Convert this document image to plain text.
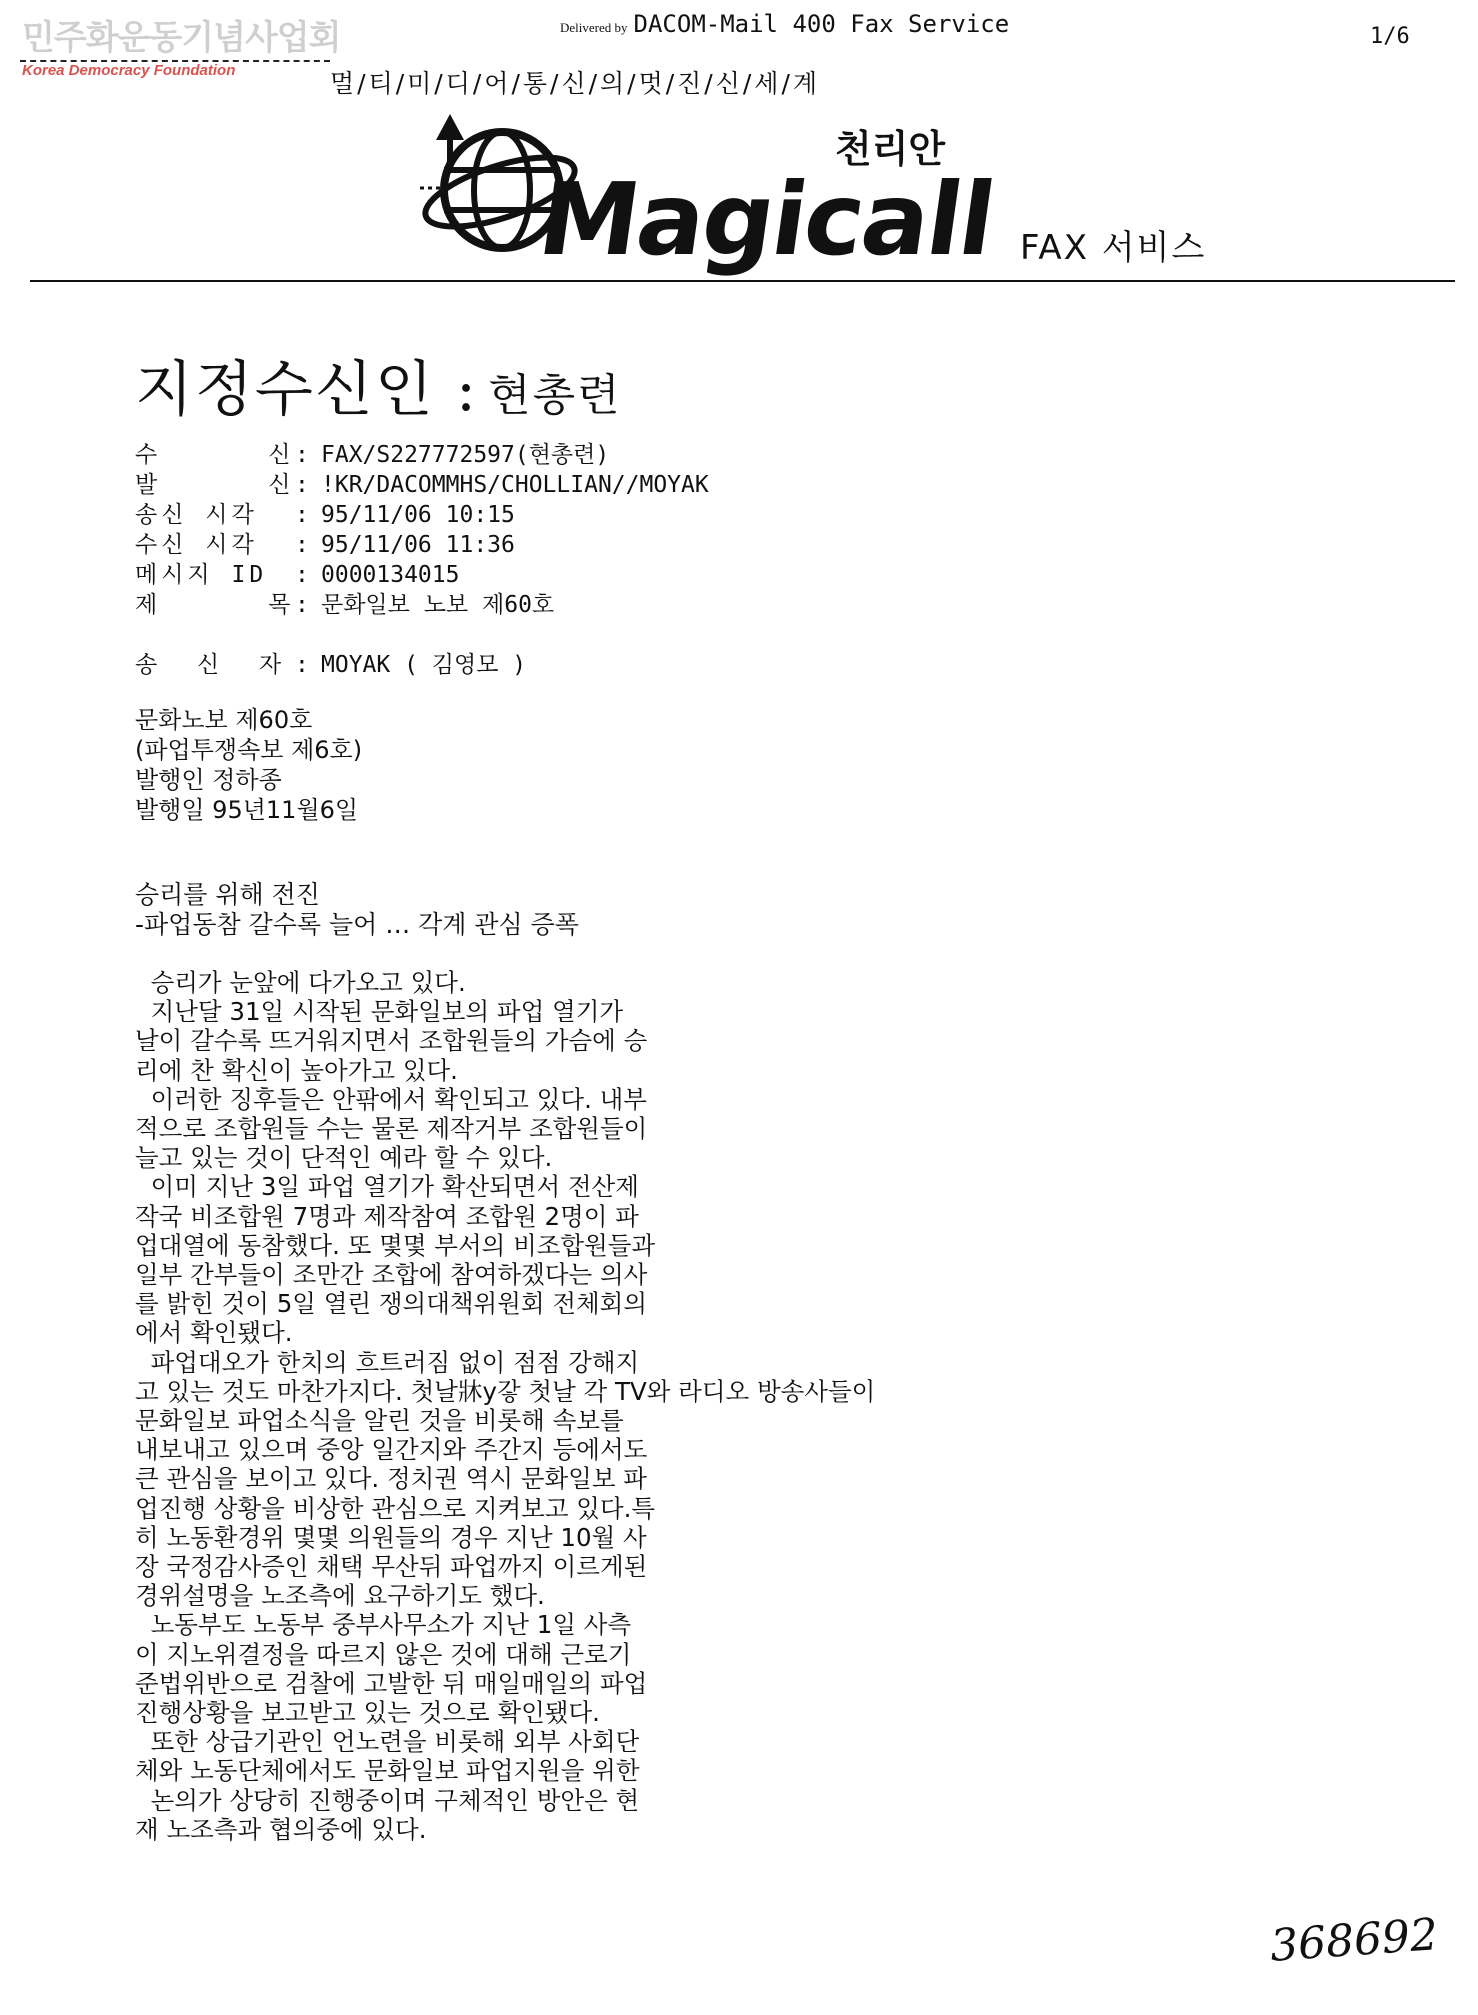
민주화운동기념사업회
Korea Democracy Foundation
Delivered by DACOM-Mail 400 Fax Service	1/6
멀/티/미/디/어/통/신/의/멋/진/신/세/계
천리안
Magicall FAX 서비스
지정수신인 : 현총련
수      신 : FAX/S227772597(현총련)
발      신 : !KR/DACOMMHS/CHOLLIAN//MOYAK
송신 시각	: 95/11/06 10:15
수신 시각	: 95/11/06 11:36
메시지 ID	: 0000134015
제      목 : 문화일보 노보 제60호
송  신  자 : MOYAK ( 김영모 )
문화노보 제60호
(파업투쟁속보 제6호)
발행인 정하종
발행일 95년11월6일
승리를 위해 전진
-파업동참 갈수록 늘어 … 각계 관심 증폭
승리가 눈앞에 다가오고 있다.
지난달 31일 시작된 문화일보의 파업 열기가
날이 갈수록 뜨거워지면서 조합원들의 가슴에 승
리에 찬 확신이 높아가고 있다.
이러한 징후들은 안팎에서 확인되고 있다. 내부
적으로 조합원들 수는 물론 제작거부 조합원들이
늘고 있는 것이 단적인 예라 할 수 있다.
이미 지난 3일 파업 열기가 확산되면서 전산제
작국 비조합원 7명과 제작참여 조합원 2명이 파
업대열에 동참했다. 또 몇몇 부서의 비조합원들과
일부 간부들이 조만간 조합에 참여하겠다는 의사
를 밝힌 것이 5일 열린 쟁의대책위원회 전체회의
에서 확인됐다.
파업대오가 한치의 흐트러짐 없이 점점 강해지
고 있는 것도 마찬가지다. 첫날牀y갛 첫날 각 TV와 라디오 방송사들이
문화일보 파업소식을 알린 것을 비롯해 속보를
내보내고 있으며 중앙 일간지와 주간지 등에서도
큰 관심을 보이고 있다. 정치권 역시 문화일보 파
업진행 상황을 비상한 관심으로 지켜보고 있다.특
히 노동환경위 몇몇 의원들의 경우 지난 10월 사
장 국정감사증인 채택 무산뒤 파업까지 이르게된
경위설명을 노조측에 요구하기도 했다.
노동부도 노동부 중부사무소가 지난 1일 사측
이 지노위결정을 따르지 않은 것에 대해 근로기
준법위반으로 검찰에 고발한 뒤 매일매일의 파업
진행상황을 보고받고 있는 것으로 확인됐다.
또한 상급기관인 언노련을 비롯해 외부 사회단
체와 노동단체에서도 문화일보 파업지원을 위한
논의가 상당히 진행중이며 구체적인 방안은 현
재 노조측과 협의중에 있다.
368692
